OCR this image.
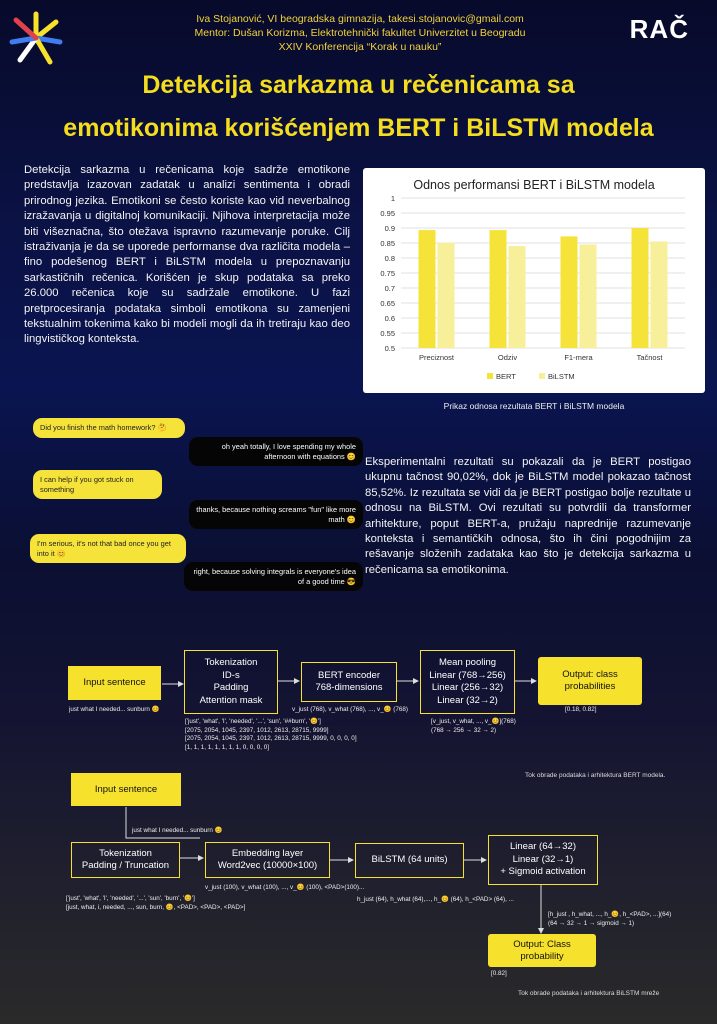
Iva Stojanović, VI beogradska gimnazija, takesi.stojanovic@gmail.com
Mentor: Dušan Korizma, Elektrotehnički fakultet Univerzitet u Beogradu
XXIV Konferencija “Korak u nauku”
RAČ
Detekcija sarkazma u rečenicama sa
emotikonima korišćenjem BERT i BiLSTM modela
Detekcija sarkazma u rečenicama koje sadrže emotikone predstavlja izazovan zadatak u analizi sentimenta i obradi prirodnog jezika. Emotikoni se često koriste kao vid neverbalnog izražavanja u digitalnoj komunikaciji. Njihova interpretacija može biti višeznačna, što otežava ispravno razumevanje poruke. Cilj istraživanja je da se uporede performanse dva različita modela – fino podešenog BERT i BiLSTM modela u prepoznavanju sarkastičnih rečenica. Korišćen je skup podataka sa preko 26.000 rečenica koje su sadržale emotikone. U fazi pretprocesiranja podataka simboli emotikona su zamenjeni tekstualnim tokenima kako bi modeli mogli da ih tretiraju kao deo lingvističkog konteksta.
Odnos performansi BERT i BiLSTM modela
0.5
0.55
0.6
0.65
0.7
0.75
0.8
0.85
0.9
0.95
1
Preciznost	Odziv	F1-mera	Tačnost
BERT	BiLSTM
Prikaz odnosa rezultata BERT i BiLSTM modela
Did you finish the math homework? 🤔
oh yeah totally, I love spending my whole afternoon with equations 😊
I can help if you got stuck on something
thanks, because nothing screams "fun" like more math 😊
I'm serious, it's not that bad once you get into it 😊
right, because solving integrals is everyone's idea of a good time 😎
Eksperimentalni rezultati su pokazali da je BERT postigao ukupnu tačnost 90,02%, dok je BiLSTM model pokazao tačnost 85,52%. Iz rezultata se vidi da je BERT postigao bolje rezultate u odnosu na BiLSTM. Ovi rezultati su potvrdili da transformer arhitekture, poput BERT-a, pružaju naprednije razumevanje konteksta i semantičkih odnosa, što ih čini pogodnijim za rešavanje složenih zadataka kao što je detekcija sarkazma u rečenicama sa emotikonima.
Input sentence
just what I needed... sunburn 😊
Tokenization
ID-s
Padding
Attention mask
['just', 'what', 'I', 'needed', '...', 'sun', '##burn', '😊']
[2075, 2054, 1045, 2397, 1012, 2613, 28715, 9999]
[2075, 2054, 1045, 2397, 1012, 2613, 28715, 9999, 0, 0, 0, 0]
[1, 1, 1, 1, 1, 1, 1, 1, 0, 0, 0, 0]
BERT encoder
768-dimensions
v_just (768), v_what (768), ..., v_😊 (768)
Mean pooling
Linear (768→256)
Linear (256→32)
Linear (32→2)
[v_just, v_what, ..., v_😊](768)
(768 → 256 → 32 → 2)
Output: class
probabilities
[0.18, 0.82]
Tok obrade podataka i arhitektura BERT modela.
Input sentence
just what I needed... sunburn 😊
Tokenization
Padding / Truncation
['just', 'what', 'I', 'needed', '...', 'sun', 'burn', '😊']
[just, what, i, needed, ..., sun, burn, 😊, <PAD>, <PAD>, <PAD>]
Embedding layer
Word2vec (10000×100)
v_just (100), v_what (100), ..., v_😊 (100), <PAD>(100)...
BiLSTM (64 units)
h_just (64), h_what (64),..., h_😊 (64), h_<PAD> (64), ...
Linear (64→32)
Linear (32→1)
+ Sigmoid activation
[h_just , h_what, ..., h_😊, h_<PAD>, ...](64)
(64 → 32 → 1 → sigmoid → 1)
Output: Class
probability
[0.82]
Tok obrade podataka i arhitektura BiLSTM mreže
